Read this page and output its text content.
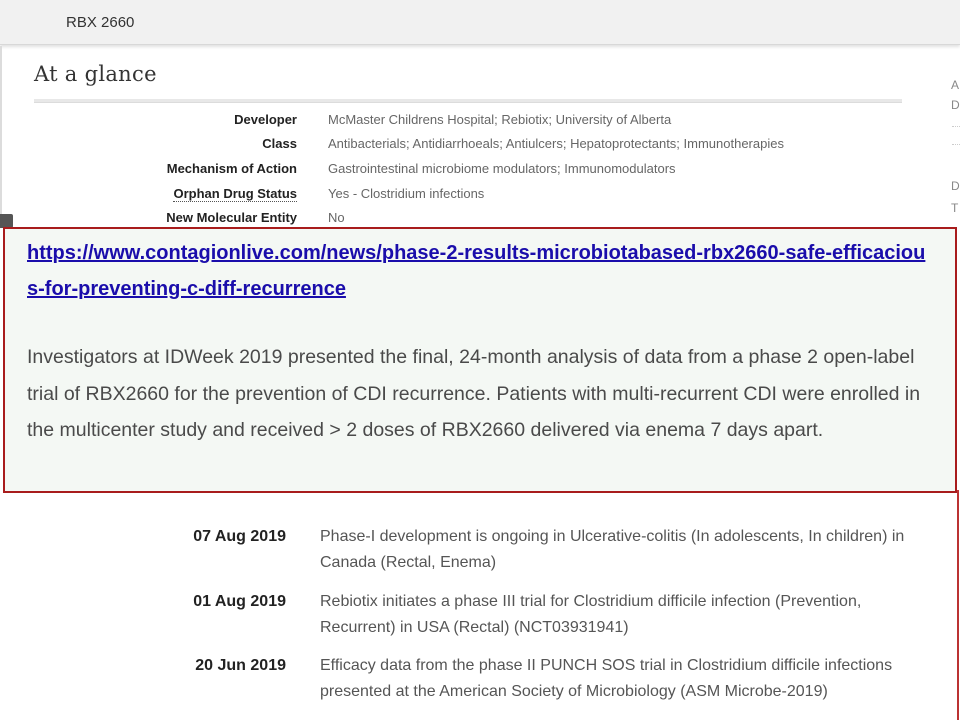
RBX 2660
At a glance
Developer McMaster Childrens Hospital; Rebiotix; University of Alberta
Class Antibacterials; Antidiarrhoeals; Antiulcers; Hepatoprotectants; Immunotherapies
Mechanism of Action Gastrointestinal microbiome modulators; Immunomodulators
Orphan Drug Status Yes - Clostridium infections
New Molecular Entity No
A
D
D
T
https://www.contagionlive.com/news/phase-2-results-microbiotabased-rbx2660-safe-efficacious-for-preventing-c-diff-recurrence
Investigators at IDWeek 2019 presented the final, 24-month analysis of data from a phase 2 open-label trial of RBX2660 for the prevention of CDI recurrence. Patients with multi-recurrent CDI were enrolled in the multicenter study and received > 2 doses of RBX2660 delivered via enema 7 days apart.
07 Aug 2019 Phase-I development is ongoing in Ulcerative-colitis (In adolescents, In children) in Canada (Rectal, Enema)
01 Aug 2019 Rebiotix initiates a phase III trial for Clostridium difficile infection (Prevention, Recurrent) in USA (Rectal) (NCT03931941)
20 Jun 2019 Efficacy data from the phase II PUNCH SOS trial in Clostridium difficile infections presented at the American Society of Microbiology (ASM Microbe-2019)
